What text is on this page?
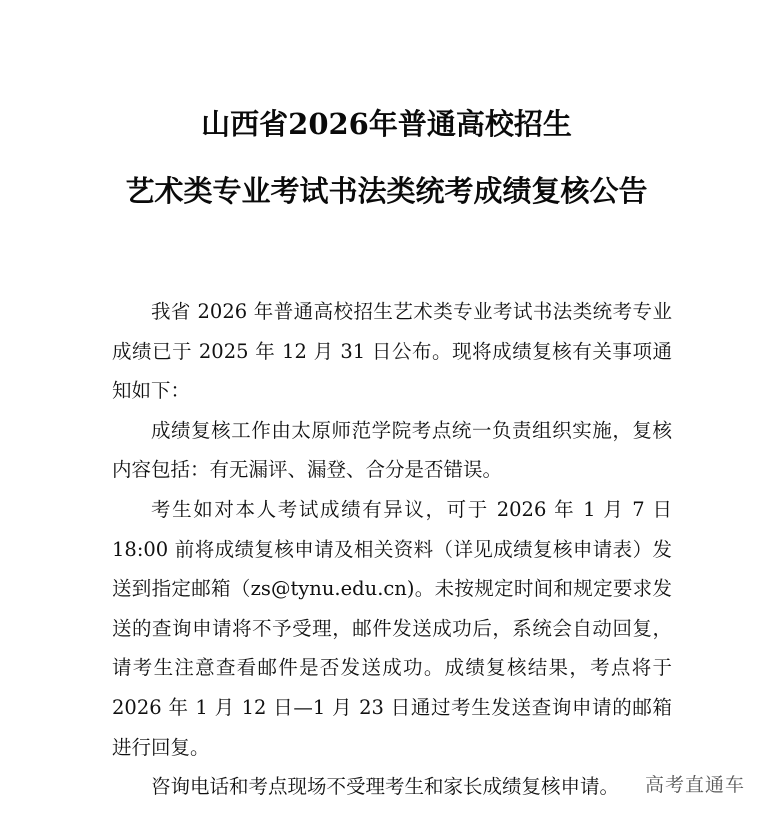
山西省2026年普通高校招生
艺术类专业考试书法类统考成绩复核公告

我省 2026 年普通高校招生艺术类专业考试书法类统考专业成绩已于 2025 年 12 月 31 日公布。现将成绩复核有关事项通知如下：

成绩复核工作由太原师范学院考点统一负责组织实施，复核内容包括：有无漏评、漏登、合分是否错误。

考生如对本人考试成绩有异议，可于 2026 年 1 月 7 日18:00 前将成绩复核申请及相关资料（详见成绩复核申请表）发送到指定邮箱（zs@tynu.edu.cn)。未按规定时间和规定要求发送的查询申请将不予受理，邮件发送成功后，系统会自动回复，请考生注意查看邮件是否发送成功。成绩复核结果，考点将于 2026 年 1 月 12 日—1 月 23 日通过考生发送查询申请的邮箱进行回复。

咨询电话和考点现场不受理考生和家长成绩复核申请。	高考直通车
